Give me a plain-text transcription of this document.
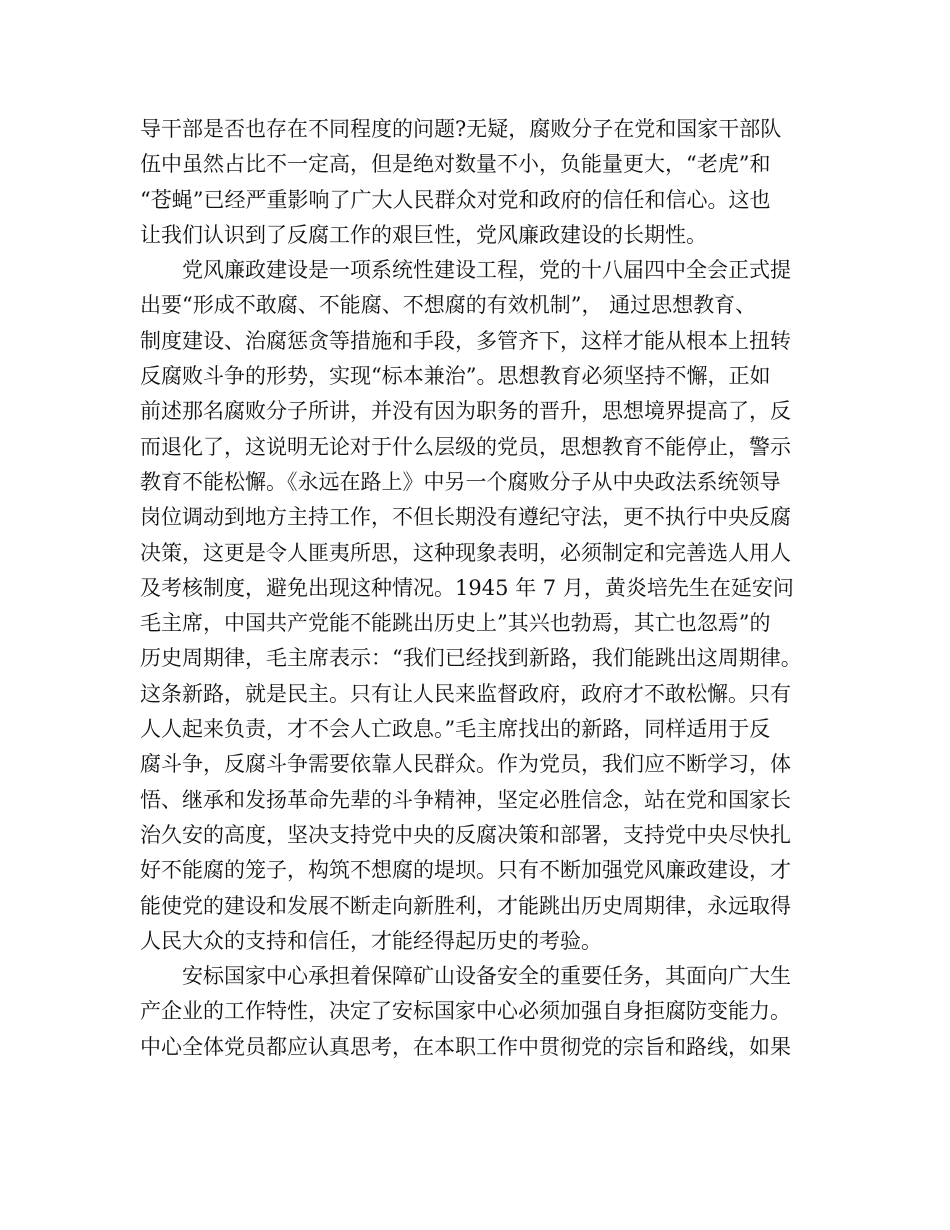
导干部是否也存在不同程度的问题?无疑，腐败分子在党和国家干部队

伍中虽然占比不一定高，但是绝对数量不小，负能量更大，“老虎”和

“苍蝇”已经严重影响了广大人民群众对党和政府的信任和信心。这也

让我们认识到了反腐工作的艰巨性，党风廉政建设的长期性。

党风廉政建设是一项系统性建设工程，党的十八届四中全会正式提

出要“形成不敢腐、不能腐、不想腐的有效机制”， 通过思想教育、

制度建设、治腐惩贪等措施和手段，多管齐下，这样才能从根本上扭转

反腐败斗争的形势，实现“标本兼治”。思想教育必须坚持不懈，正如

前述那名腐败分子所讲，并没有因为职务的晋升，思想境界提高了，反

而退化了，这说明无论对于什么层级的党员，思想教育不能停止，警示

教育不能松懈。《永远在路上》中另一个腐败分子从中央政法系统领导

岗位调动到地方主持工作，不但长期没有遵纪守法，更不执行中央反腐

决策，这更是令人匪夷所思，这种现象表明，必须制定和完善选人用人

及考核制度，避免出现这种情况。1945 年 7 月，黄炎培先生在延安问

毛主席，中国共产党能不能跳出历史上”其兴也勃焉，其亡也忽焉”的

历史周期律，毛主席表示：“我们已经找到新路，我们能跳出这周期律。

这条新路，就是民主。只有让人民来监督政府，政府才不敢松懈。只有

人人起来负责，才不会人亡政息。”毛主席找出的新路，同样适用于反

腐斗争，反腐斗争需要依靠人民群众。作为党员，我们应不断学习，体

悟、继承和发扬革命先辈的斗争精神，坚定必胜信念，站在党和国家长

治久安的高度，坚决支持党中央的反腐决策和部署，支持党中央尽快扎

好不能腐的笼子，构筑不想腐的堤坝。只有不断加强党风廉政建设，才

能使党的建设和发展不断走向新胜利，才能跳出历史周期律，永远取得

人民大众的支持和信任，才能经得起历史的考验。

安标国家中心承担着保障矿山设备安全的重要任务，其面向广大生

产企业的工作特性，决定了安标国家中心必须加强自身拒腐防变能力。

中心全体党员都应认真思考，在本职工作中贯彻党的宗旨和路线，如果
